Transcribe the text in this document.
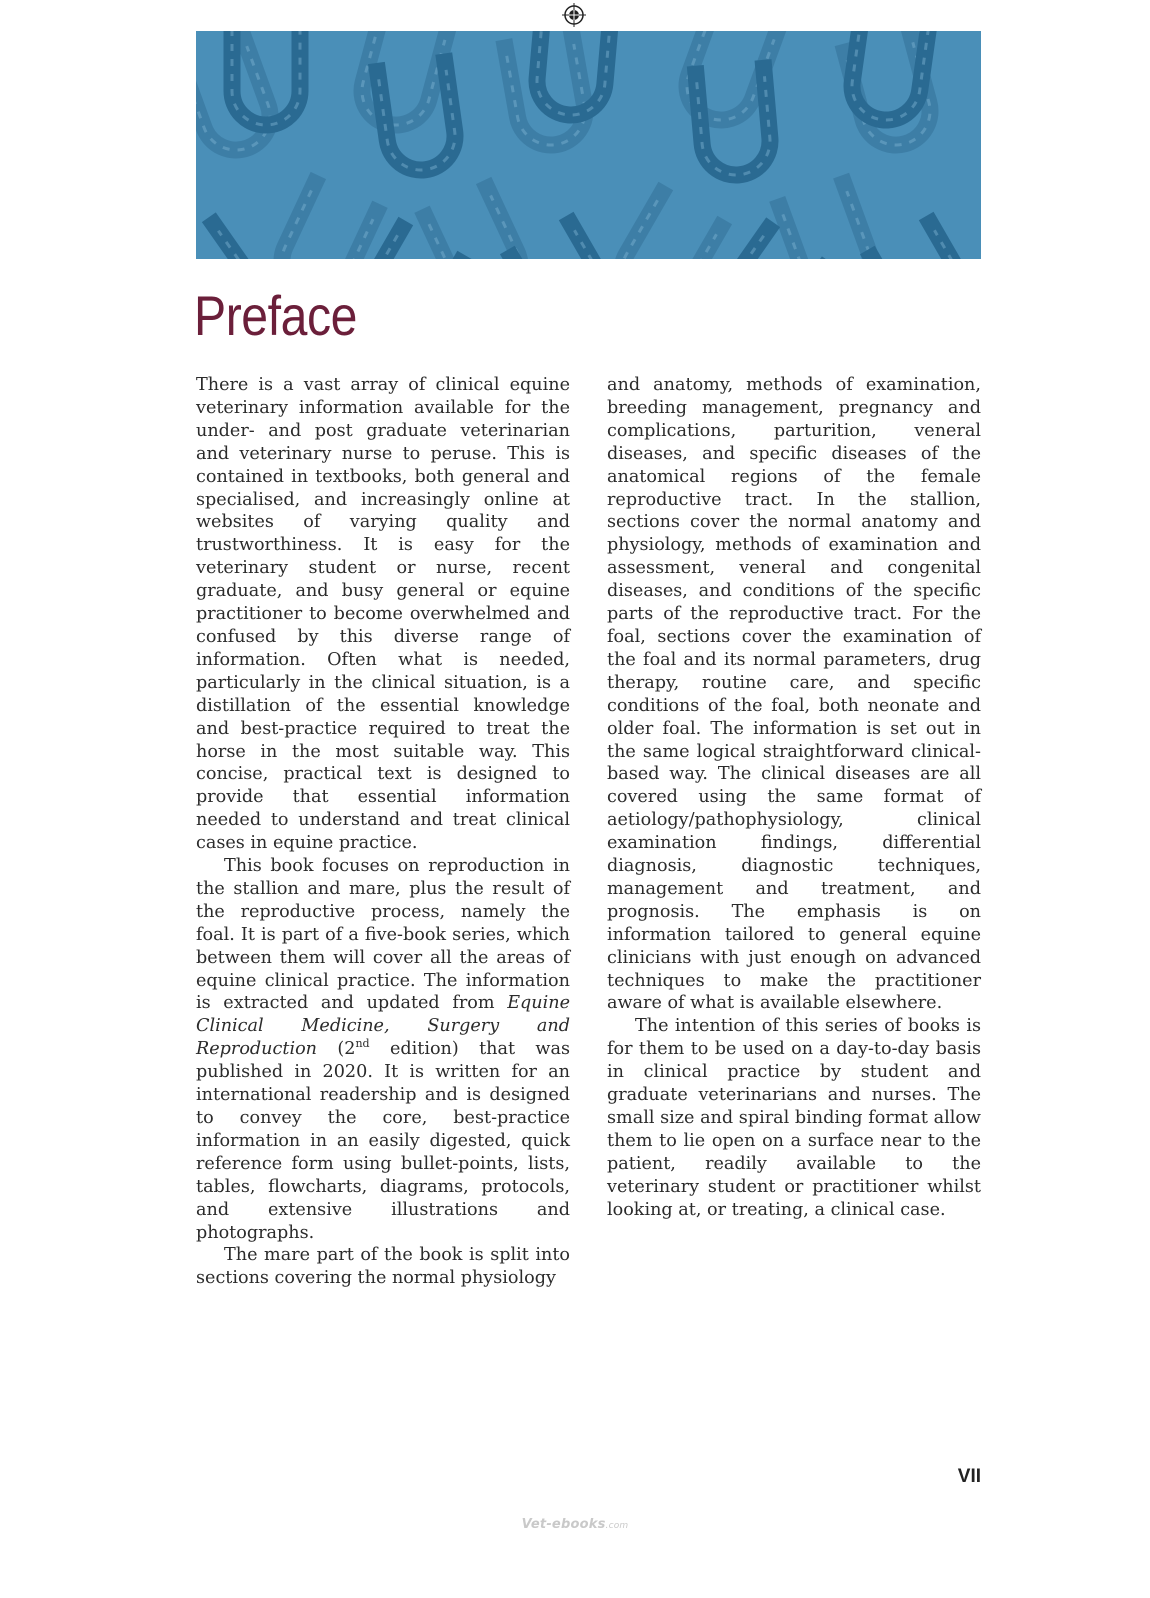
Preface

There is a vast array of clinical equine veterinary information available for the under- and post graduate veterinarian and veterinary nurse to peruse. This is contained in textbooks, both general and specialised, and increasingly online at websites of varying quality and trustworthiness. It is easy for the veterinary student or nurse, recent graduate, and busy general or equine practitioner to become overwhelmed and confused by this diverse range of information. Often what is needed, particularly in the clinical situation, is a distillation of the essential knowledge and best-practice required to treat the horse in the most suitable way. This concise, practical text is designed to provide that essential information needed to understand and treat clinical cases in equine practice.

This book focuses on reproduction in the stallion and mare, plus the result of the reproductive process, namely the foal. It is part of a five-book series, which between them will cover all the areas of equine clinical practice. The information is extracted and updated from Equine Clinical Medicine, Surgery and Reproduction (2nd edition) that was published in 2020. It is written for an international readership and is designed to convey the core, best-practice information in an easily digested, quick reference form using bullet-points, lists, tables, flowcharts, diagrams, protocols, and extensive illustrations and photographs.

The mare part of the book is split into sections covering the normal physiology

and anatomy, methods of examination, breeding management, pregnancy and complications, parturition, veneral diseases, and specific diseases of the anatomical regions of the female reproductive tract. In the stallion, sections cover the normal anatomy and physiology, methods of examination and assessment, veneral and congenital diseases, and conditions of the specific parts of the reproductive tract. For the foal, sections cover the examination of the foal and its normal parameters, drug therapy, routine care, and specific conditions of the foal, both neonate and older foal. The information is set out in the same logical straightforward clinical-based way. The clinical diseases are all covered using the same format of aetiology/pathophysiology, clinical examination findings, differential diagnosis, diagnostic techniques, management and treatment, and prognosis. The emphasis is on information tailored to general equine clinicians with just enough on advanced techniques to make the practitioner aware of what is available elsewhere.

The intention of this series of books is for them to be used on a day-to-day basis in clinical practice by student and graduate veterinarians and nurses. The small size and spiral binding format allow them to lie open on a surface near to the patient, readily available to the veterinary student or practitioner whilst looking at, or treating, a clinical case.

VII
Vet-ebooks.com
